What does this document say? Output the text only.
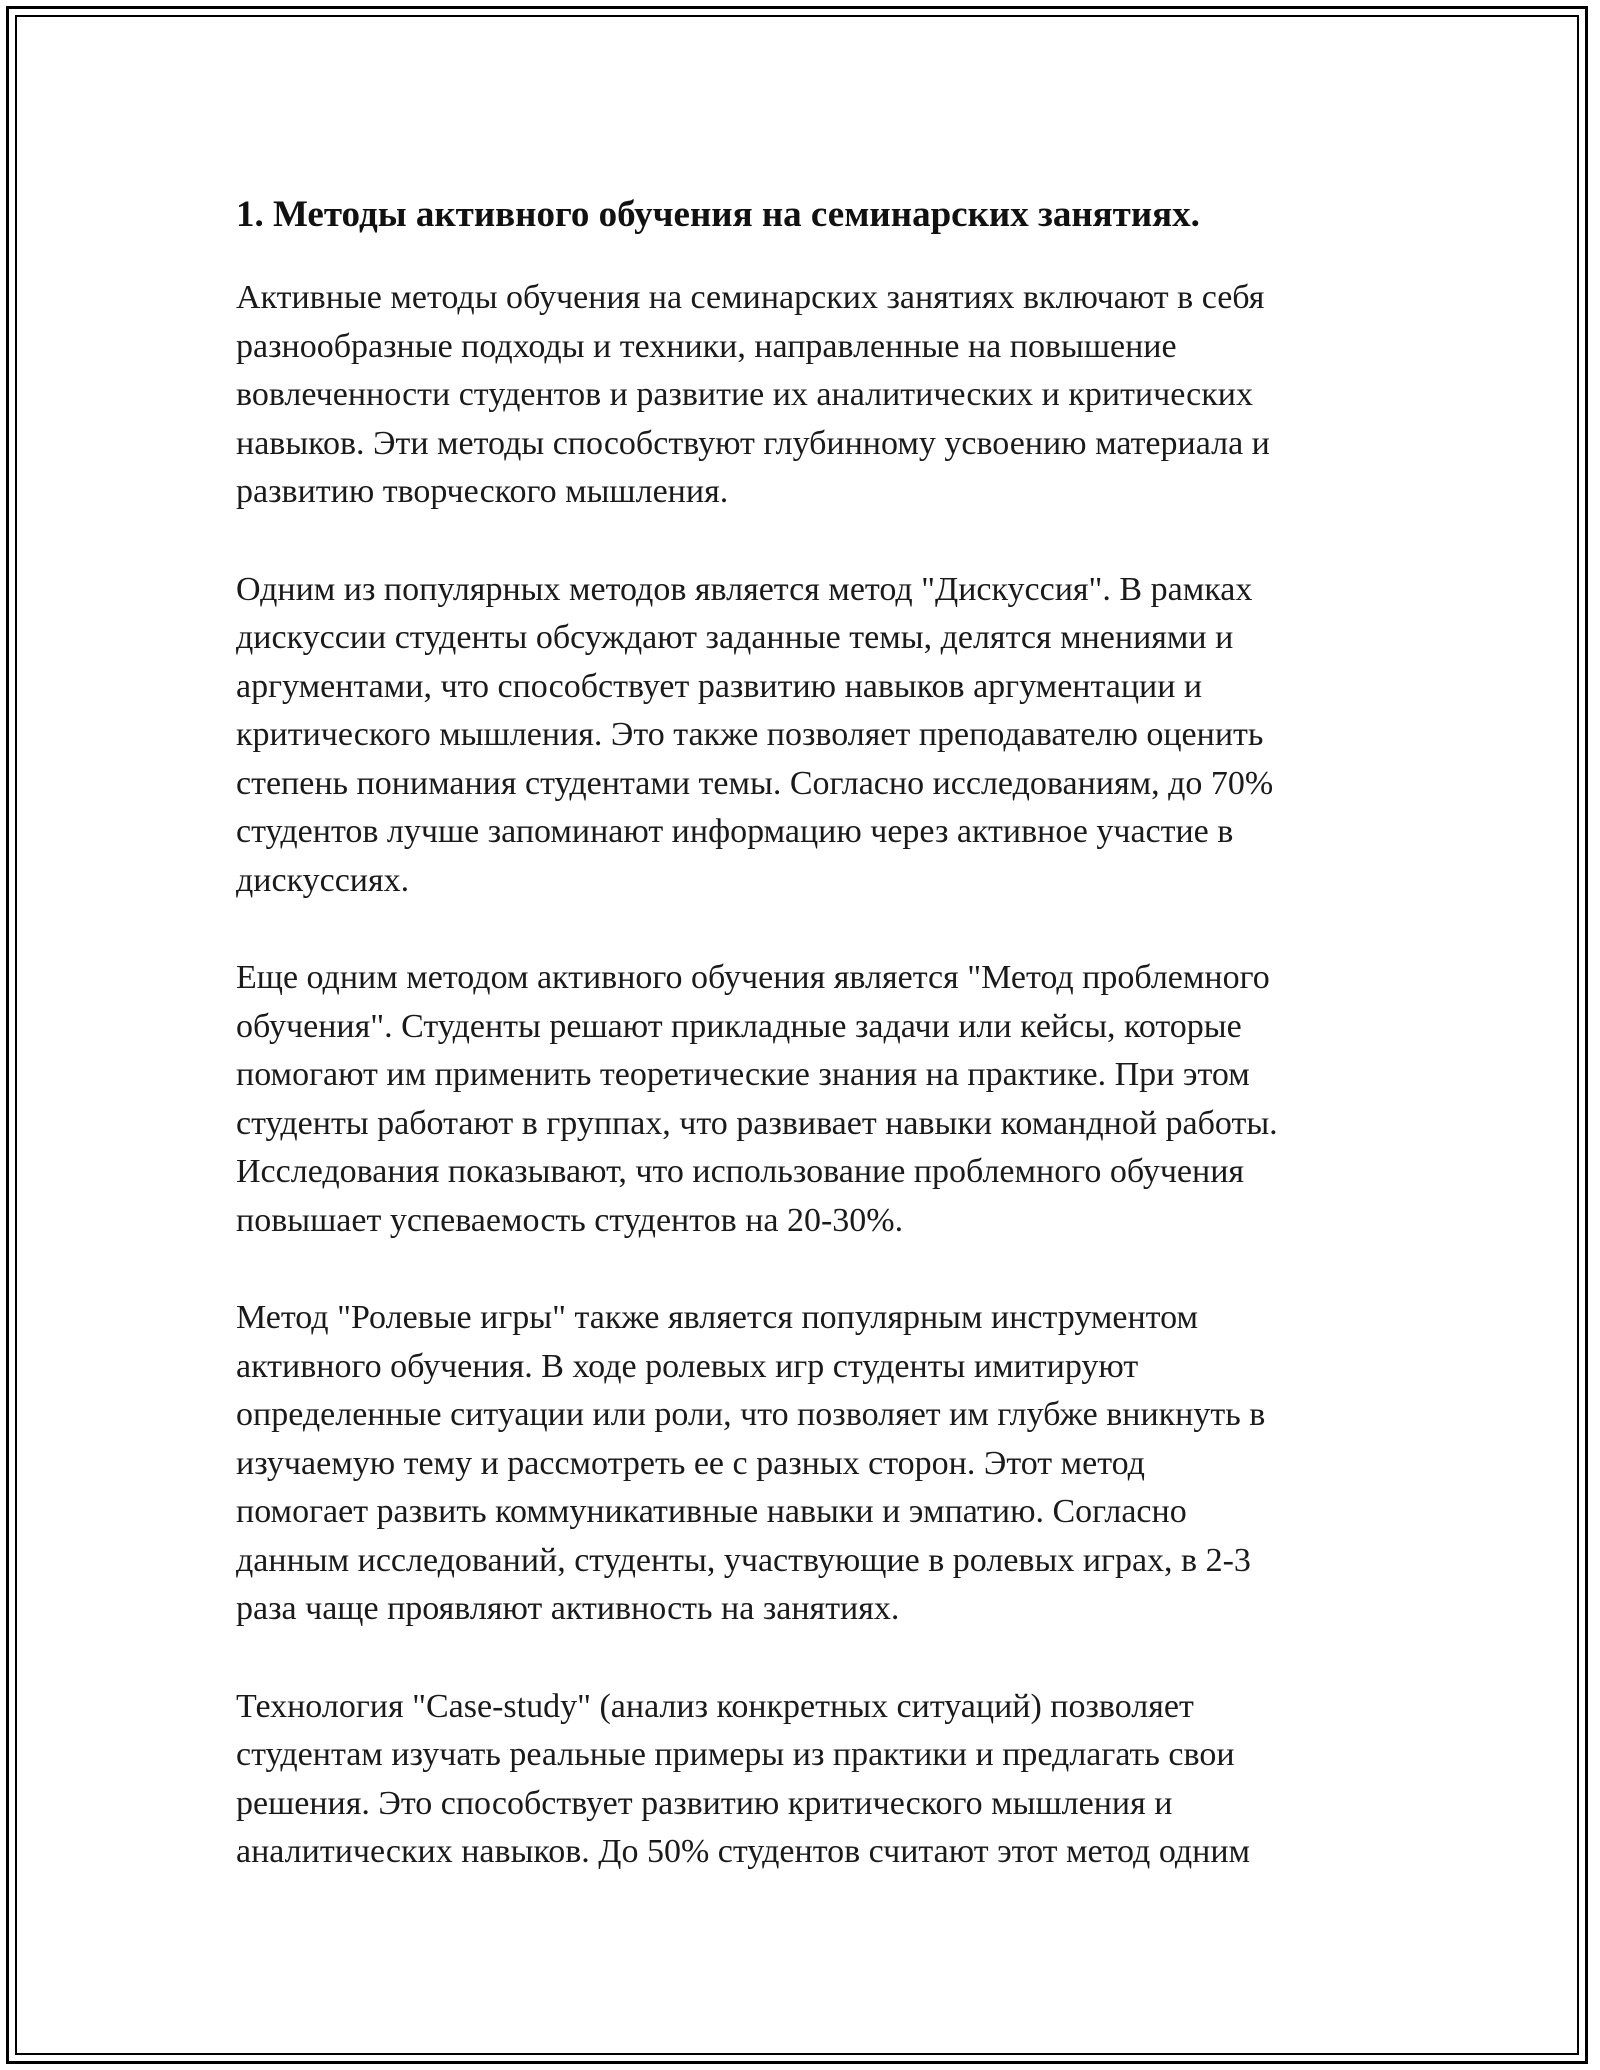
1. Методы активного обучения на семинарских занятиях.

Активные методы обучения на семинарских занятиях включают в себя
разнообразные подходы и техники, направленные на повышение
вовлеченности студентов и развитие их аналитических и критических
навыков. Эти методы способствуют глубинному усвоению материала и
развитию творческого мышления.

Одним из популярных методов является метод "Дискуссия". В рамках
дискуссии студенты обсуждают заданные темы, делятся мнениями и
аргументами, что способствует развитию навыков аргументации и
критического мышления. Это также позволяет преподавателю оценить
степень понимания студентами темы. Согласно исследованиям, до 70%
студентов лучше запоминают информацию через активное участие в
дискуссиях.

Еще одним методом активного обучения является "Метод проблемного
обучения". Студенты решают прикладные задачи или кейсы, которые
помогают им применить теоретические знания на практике. При этом
студенты работают в группах, что развивает навыки командной работы.
Исследования показывают, что использование проблемного обучения
повышает успеваемость студентов на 20-30%.

Метод "Ролевые игры" также является популярным инструментом
активного обучения. В ходе ролевых игр студенты имитируют
определенные ситуации или роли, что позволяет им глубже вникнуть в
изучаемую тему и рассмотреть ее с разных сторон. Этот метод
помогает развить коммуникативные навыки и эмпатию. Согласно
данным исследований, студенты, участвующие в ролевых играх, в 2-3
раза чаще проявляют активность на занятиях.

Технология "Case-study" (анализ конкретных ситуаций) позволяет
студентам изучать реальные примеры из практики и предлагать свои
решения. Это способствует развитию критического мышления и
аналитических навыков. До 50% студентов считают этот метод одним
